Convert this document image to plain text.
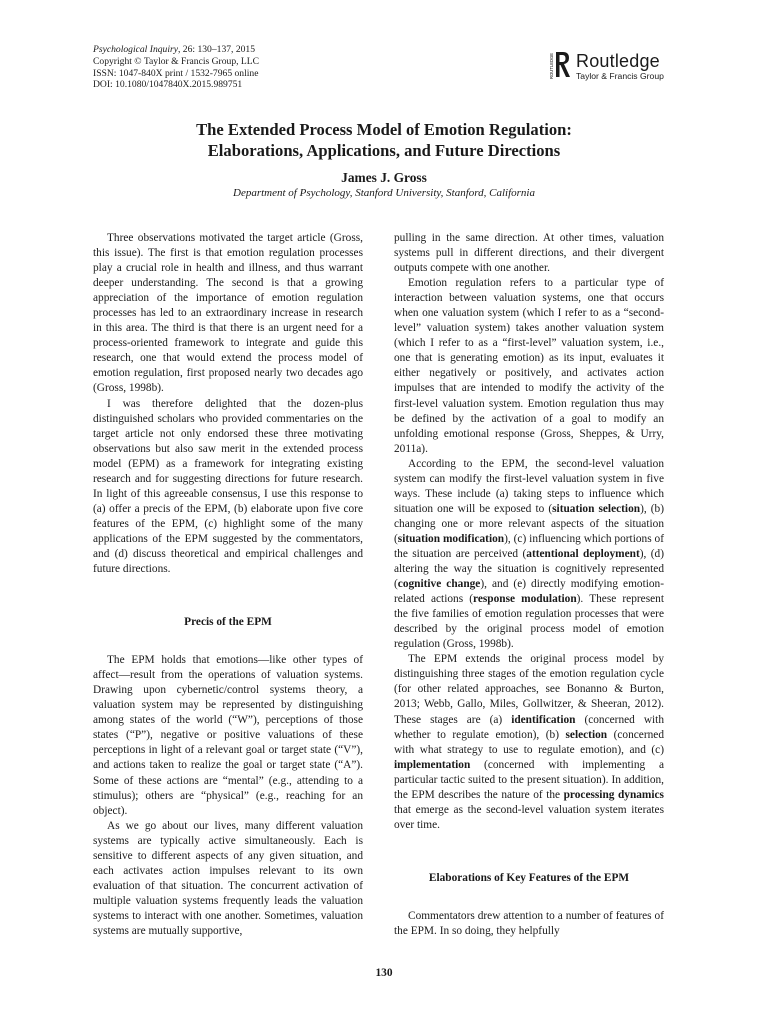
Psychological Inquiry, 26: 130–137, 2015
Copyright © Taylor & Francis Group, LLC
ISSN: 1047-840X print / 1532-7965 online
DOI: 10.1080/1047840X.2015.989751
ROUTLEDGE Routledge
Taylor & Francis Group
The Extended Process Model of Emotion Regulation:
Elaborations, Applications, and Future Directions
James J. Gross
Department of Psychology, Stanford University, Stanford, California

Three observations motivated the target article (Gross, this issue). The first is that emotion regulation processes play a crucial role in health and illness, and thus warrant deeper understanding. The second is that a growing appreciation of the importance of emotion regulation processes has led to an extraordinary increase in research in this area. The third is that there is an urgent need for a process-oriented framework to integrate and guide this research, one that would extend the process model of emotion regulation, first proposed nearly two decades ago (Gross, 1998b).

I was therefore delighted that the dozen-plus distinguished scholars who provided commentaries on the target article not only endorsed these three motivating observations but also saw merit in the extended process model (EPM) as a framework for integrating existing research and for suggesting directions for future research. In light of this agreeable consensus, I use this response to (a) offer a precis of the EPM, (b) elaborate upon five core features of the EPM, (c) highlight some of the many applications of the EPM suggested by the commentators, and (d) discuss theoretical and empirical challenges and future directions.

Precis of the EPM

The EPM holds that emotions—like other types of affect—result from the operations of valuation systems. Drawing upon cybernetic/control systems theory, a valuation system may be represented by distinguishing among states of the world (“W”), perceptions of those states (“P”), negative or positive valuations of these perceptions in light of a relevant goal or target state (“V”), and actions taken to realize the goal or target state (“A”). Some of these actions are “mental” (e.g., attending to a stimulus); others are “physical” (e.g., reaching for an object).

As we go about our lives, many different valuation systems are typically active simultaneously. Each is sensitive to different aspects of any given situation, and each activates action impulses relevant to its own evaluation of that situation. The concurrent activation of multiple valuation systems frequently leads the valuation systems to interact with one another. Sometimes, valuation systems are mutually supportive,

pulling in the same direction. At other times, valuation systems pull in different directions, and their divergent outputs compete with one another.

Emotion regulation refers to a particular type of interaction between valuation systems, one that occurs when one valuation system (which I refer to as a “second-level” valuation system) takes another valuation system (which I refer to as a “first-level” valuation system, i.e., one that is generating emotion) as its input, evaluates it either negatively or positively, and activates action impulses that are intended to modify the activity of the first-level valuation system. Emotion regulation thus may be defined by the activation of a goal to modify an unfolding emotional response (Gross, Sheppes, & Urry, 2011a).

According to the EPM, the second-level valuation system can modify the first-level valuation system in five ways. These include (a) taking steps to influence which situation one will be exposed to (situation selection), (b) changing one or more relevant aspects of the situation (situation modification), (c) influencing which portions of the situation are perceived (attentional deployment), (d) altering the way the situation is cognitively represented (cognitive change), and (e) directly modifying emotion-related actions (response modulation). These represent the five families of emotion regulation processes that were described by the original process model of emotion regulation (Gross, 1998b).

The EPM extends the original process model by distinguishing three stages of the emotion regulation cycle (for other related approaches, see Bonanno & Burton, 2013; Webb, Gallo, Miles, Gollwitzer, & Sheeran, 2012). These stages are (a) identification (concerned with whether to regulate emotion), (b) selection (concerned with what strategy to use to regulate emotion), and (c) implementation (concerned with implementing a particular tactic suited to the present situation). In addition, the EPM describes the nature of the processing dynamics that emerge as the second-level valuation system iterates over time.

Elaborations of Key Features of the EPM

Commentators drew attention to a number of features of the EPM. In so doing, they helpfully

130
